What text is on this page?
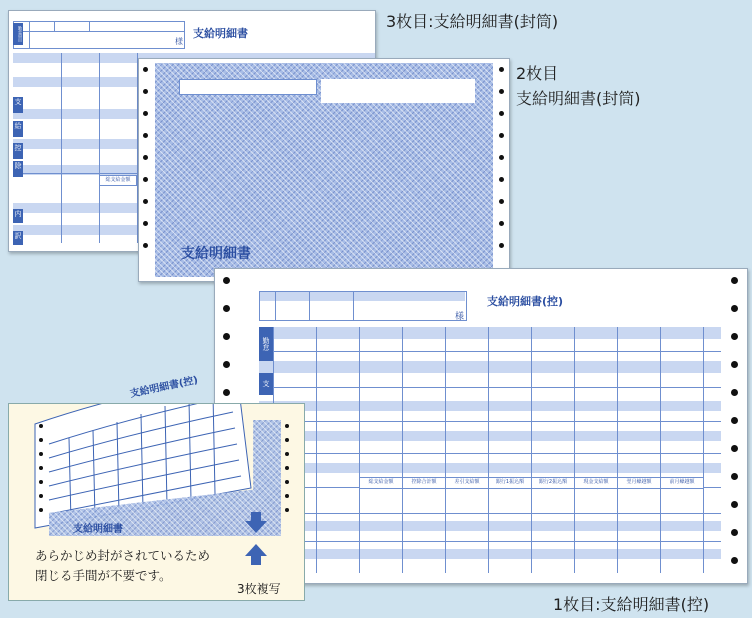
3枚目:支給明細書(封筒)
2枚目
支給明細書(封筒)
1枚目:支給明細書(控)
様
支給明細書
総支給金額
勤怠項目
支
給
控
除
内
訳
支給明細書
様
支給明細書(控)
勤怠
支
総支給金額	控除合計額	差引支給額	銀行1振込額	銀行2振込額	現金支給額	翌月繰越額	前月繰越額
支給明細書(控)
支給明細書
あらかじめ封がされているため
閉じる手間が不要です。
3枚複写
